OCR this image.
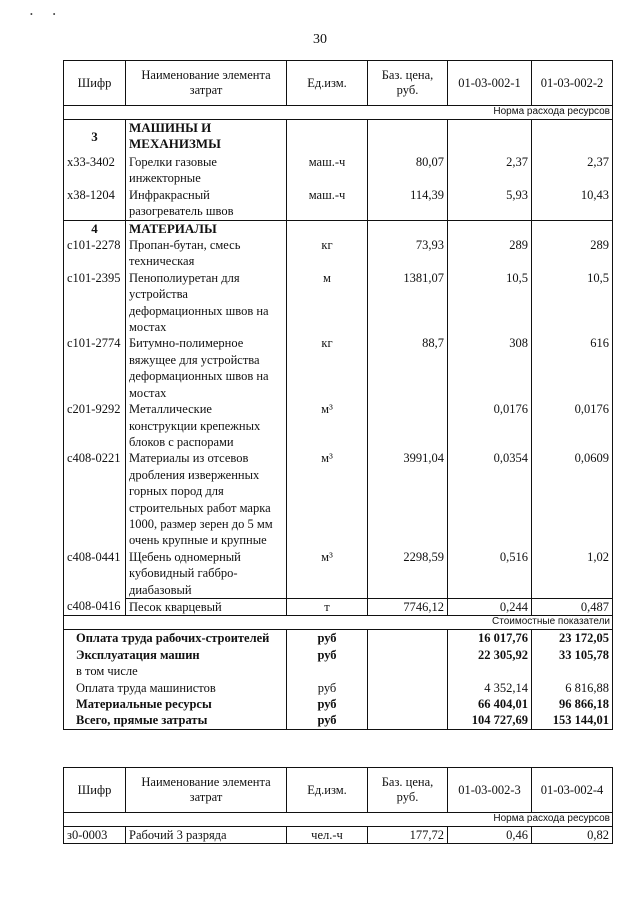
•          •
30
Шифр	Наименование элемента затрат	Ед.изм.	Баз. цена, руб.	01-03-002-1	01-03-002-2
Норма расхода ресурсов					
3	МАШИНЫ И МЕХАНИЗМЫ				
х33-3402	Горелки газовые инжекторные	маш.-ч	80,07	2,37	2,37
х38-1204	Инфракрасный разогреватель швов	маш.-ч	114,39	5,93	10,43
4	МАТЕРИАЛЫ				
с101-2278	Пропан-бутан, смесь техническая	кг	73,93	289	289
с101-2395	Пенополиуретан для устройства деформационных швов на мостах	м	1381,07	10,5	10,5
с101-2774	Битумно-полимерное вяжущее для устройства деформационных швов на мостах	кг	88,7	308	616
с201-9292	Металлические конструкции крепежных блоков с распорами	м³		0,0176	0,0176
с408-0221	Материалы из отсевов дробления изверженных горных пород для строительных работ марка 1000, размер зерен до 5 мм очень крупные и крупные	м³	3991,04	0,0354	0,0609
с408-0441	Щебень одномерный кубовидный габбро-диабазовый	м³	2298,59	0,516	1,02
с408-0416	Песок кварцевый	т	7746,12	0,244	0,487
Стоимостные показатели					
Оплата труда рабочих-строителей		руб		16 017,76	23 172,05
Эксплуатация машин		руб		22 305,92	33 105,78
в том числе					
Оплата труда машинистов		руб		4 352,14	6 816,88
Материальные ресурсы		руб		66 404,01	96 866,18
Всего, прямые затраты		руб		104 727,69	153 144,01
Шифр	Наименование элемента затрат	Ед.изм.	Баз. цена, руб.	01-03-002-3	01-03-002-4
Норма расхода ресурсов					
з0-0003	Рабочий 3 разряда	чел.-ч	177,72	0,46	0,82
